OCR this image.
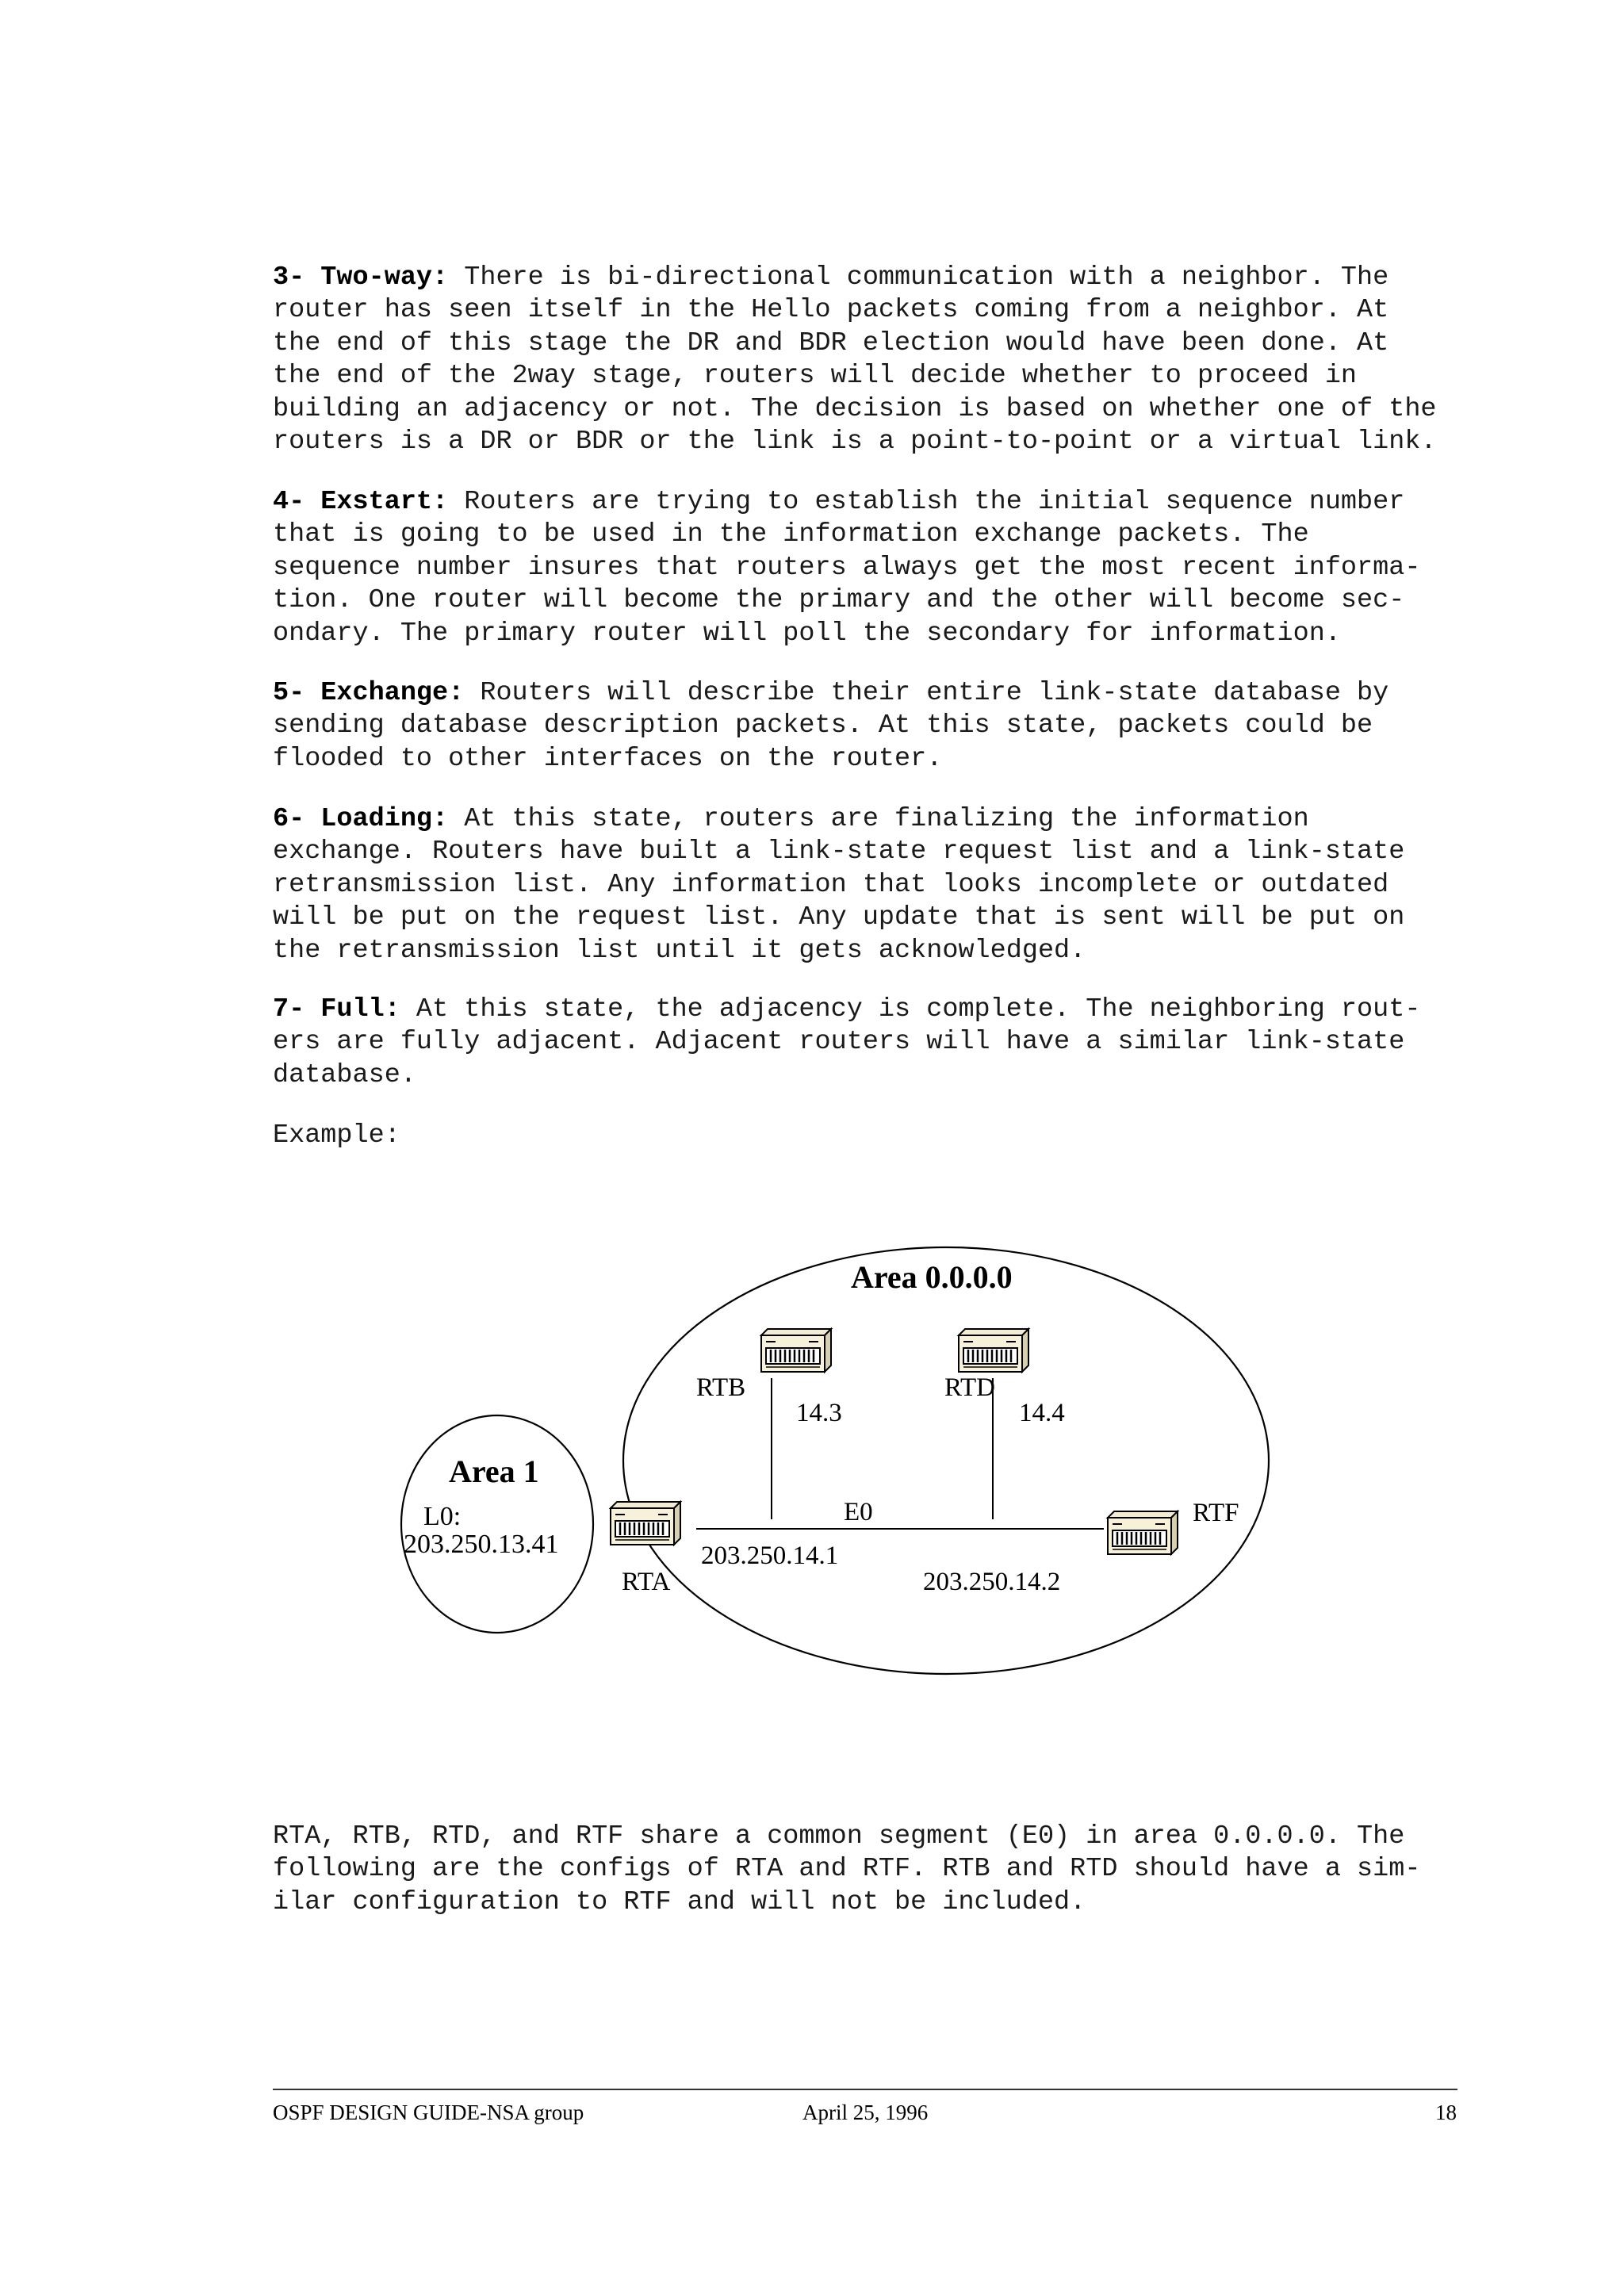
3- Two-way: There is bi-directional communication with a neighbor. The
router has seen itself in the Hello packets coming from a neighbor. At
the end of this stage the DR and BDR election would have been done. At
the end of the 2way stage, routers will decide whether to proceed in
building an adjacency or not. The decision is based on whether one of the
routers is a DR or BDR or the link is a point-to-point or a virtual link.
4- Exstart: Routers are trying to establish the initial sequence number
that is going to be used in the information exchange packets. The
sequence number insures that routers always get the most recent informa-
tion. One router will become the primary and the other will become sec-
ondary. The primary router will poll the secondary for information.
5- Exchange: Routers will describe their entire link-state database by
sending database description packets. At this state, packets could be
flooded to other interfaces on the router.
6- Loading: At this state, routers are finalizing the information
exchange. Routers have built a link-state request list and a link-state
retransmission list. Any information that looks incomplete or outdated
will be put on the request list. Any update that is sent will be put on
the retransmission list until it gets acknowledged.
7- Full: At this state, the adjacency is complete. The neighboring rout-
ers are fully adjacent. Adjacent routers will have a similar link-state
database.
Example:
Area 0.0.0.0
Area 1
L0:
203.250.13.41
RTB
14.3
RTD
14.4
E0	RTF
203.250.14.1
RTA	203.250.14.2
RTA, RTB, RTD, and RTF share a common segment (E0) in area 0.0.0.0. The
following are the configs of RTA and RTF. RTB and RTD should have a sim-
ilar configuration to RTF and will not be included.
OSPF DESIGN GUIDE-NSA group	April 25, 1996	18
